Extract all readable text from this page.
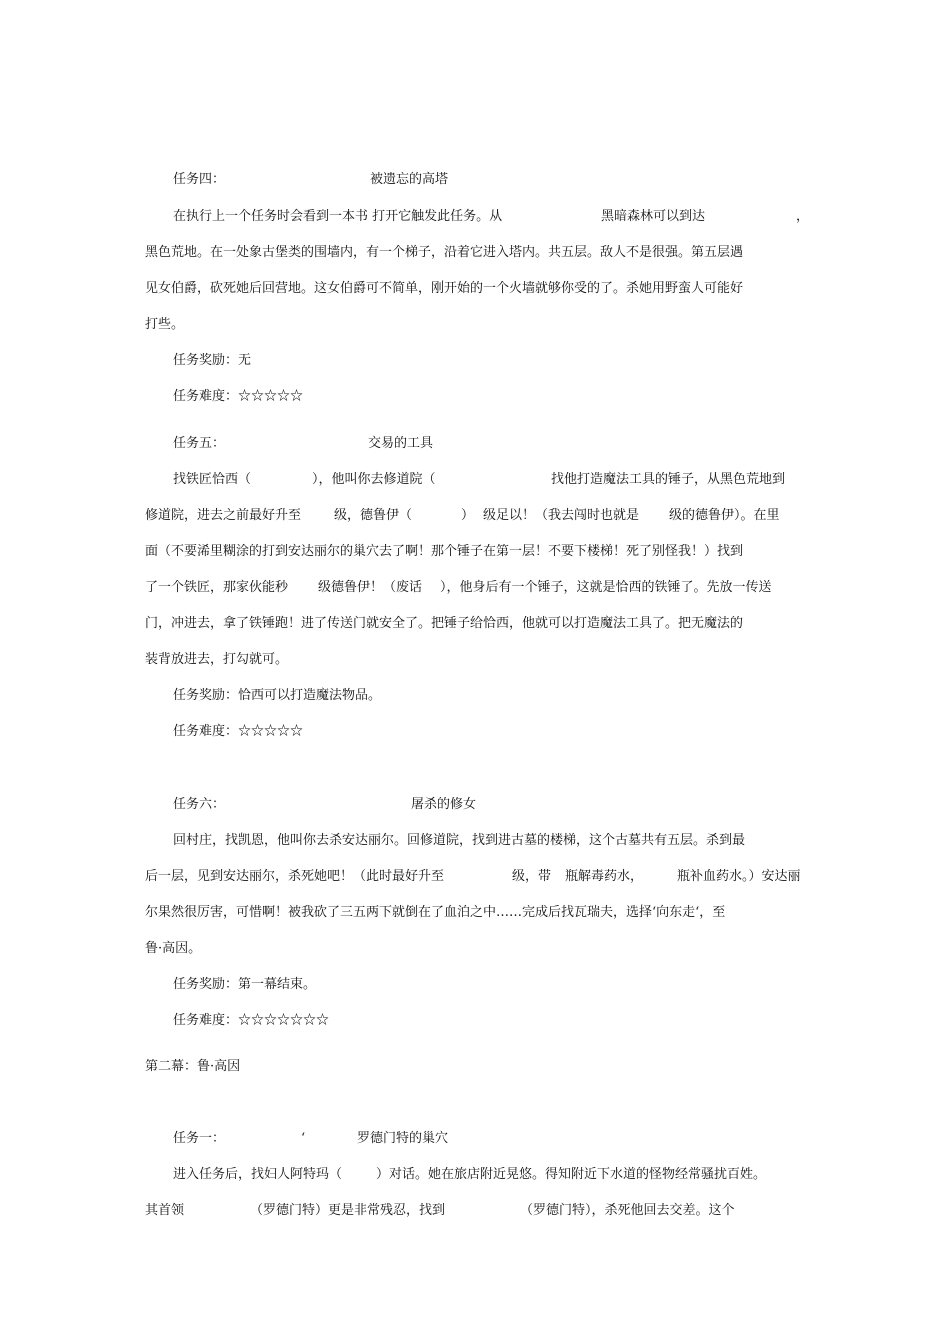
任务四：	被遗忘的高塔
在执行上一个任务时会看到一本书 打开它触发此任务。从	黑暗森林可以到达	，
黑色荒地。在一处象古堡类的围墙内，有一个梯子，沿着它进入塔内。共五层。敌人不是很强。第五层遇
见女伯爵，砍死她后回营地。这女伯爵可不简单，刚开始的一个火墙就够你受的了。杀她用野蛮人可能好
打些。
任务奖励：无
任务难度：☆☆☆☆☆
任务五：	交易的工具
找铁匠恰西（	），他叫你去修道院（	找他打造魔法工具的锤子，从黑色荒地到
修道院，进去之前最好升至	级，德鲁伊（	） 级足以！（我去闯时也就是 级的德鲁伊）。在里
面（不要浠里糊涂的打到安达丽尔的巢穴去了啊！那个锤子在第一层！不要下楼梯！死了别怪我！）找到
了一个铁匠，那家伙能秒 级德鲁伊！（废话 ），他身后有一个锤子，这就是恰西的铁锤了。先放一传送
门，冲进去，拿了铁锤跑！进了传送门就安全了。把锤子给恰西，他就可以打造魔法工具了。把无魔法的
装背放进去，打勾就可。
任务奖励：恰西可以打造魔法物品。
任务难度：☆☆☆☆☆
任务六：	屠杀的修女
回村庄，找凯恩，他叫你去杀安达丽尔。回修道院，找到进古墓的楼梯，这个古墓共有五层。杀到最
后一层，见到安达丽尔，杀死她吧！（此时最好升至	级，带 瓶解毒药水，	瓶补血药水。）安达丽
尔果然很厉害，可惜啊！被我砍了三五两下就倒在了血泊之中……完成后找瓦瑞夫，选择‘向东走‘，至
鲁·高因。
任务奖励：第一幕结束。
任务难度：☆☆☆☆☆☆☆
第二幕：鲁·高因
任务一：	‘	罗德门特的巢穴
进入任务后，找妇人阿特玛（	）对话。她在旅店附近晃悠。得知附近下水道的怪物经常骚扰百姓。
其首领	（罗德门特）更是非常残忍，找到	（罗德门特），杀死他回去交差。这个
